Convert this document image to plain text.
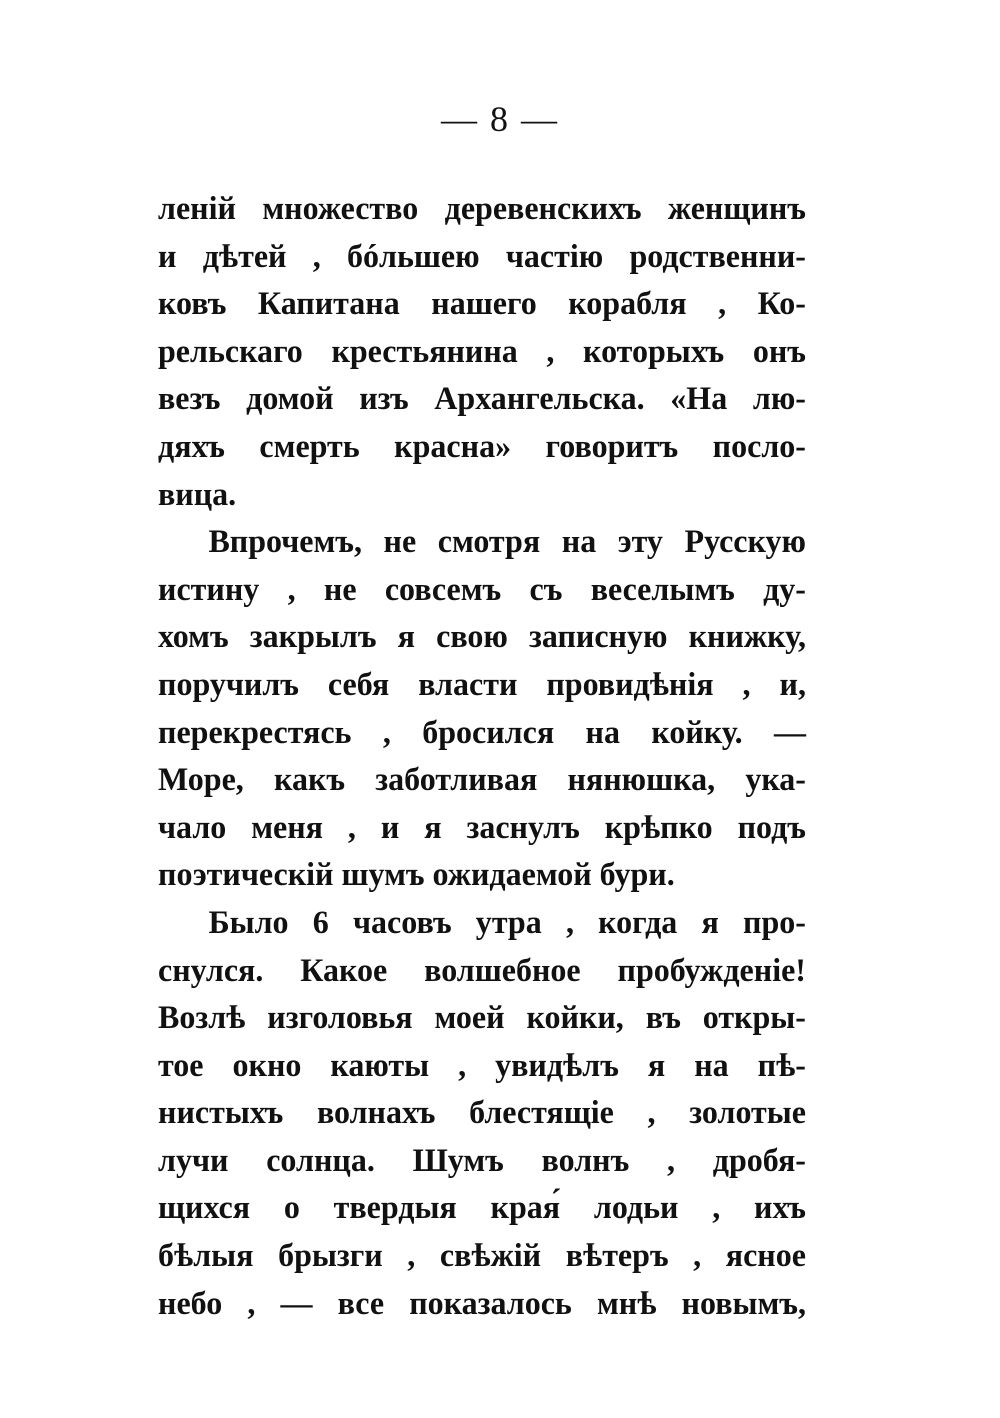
— 8 —
ленiй множество деревенскихъ женщинъ
и дѣтей , бóльшею частiю родственни-
ковъ Капитана нашего корабля , Ко-
рельскаго крестьянина , которыхъ онъ
везъ домой изъ Архангельска. «На лю-
дяхъ смерть красна» говоритъ посло-
вица.
Впрочемъ, не смотря на эту Русскую
истину , не совсемъ съ веселымъ ду-
хомъ закрылъ я свою записную книжку,
поручилъ себя власти провидѣнiя , и,
перекрестясь , бросился на койку. —
Море, какъ заботливая нянюшка, ука-
чало меня , и я заснулъ крѣпко подъ
поэтическiй шумъ ожидаемой бури.
Было 6 часовъ утра , когда я про-
снулся. Какое волшебное пробужденiе!
Возлѣ изголовья моей койки, въ откры-
тое окно каюты , увидѣлъ я на пѣ-
нистыхъ волнахъ блестящiе , золотые
лучи солнца. Шумъ волнъ , дробя-
щихся о твердыя края́ лодьи , ихъ
бѣлыя брызги , свѣжiй вѣтеръ , ясное
небо , — все показалось мнѣ новымъ,
